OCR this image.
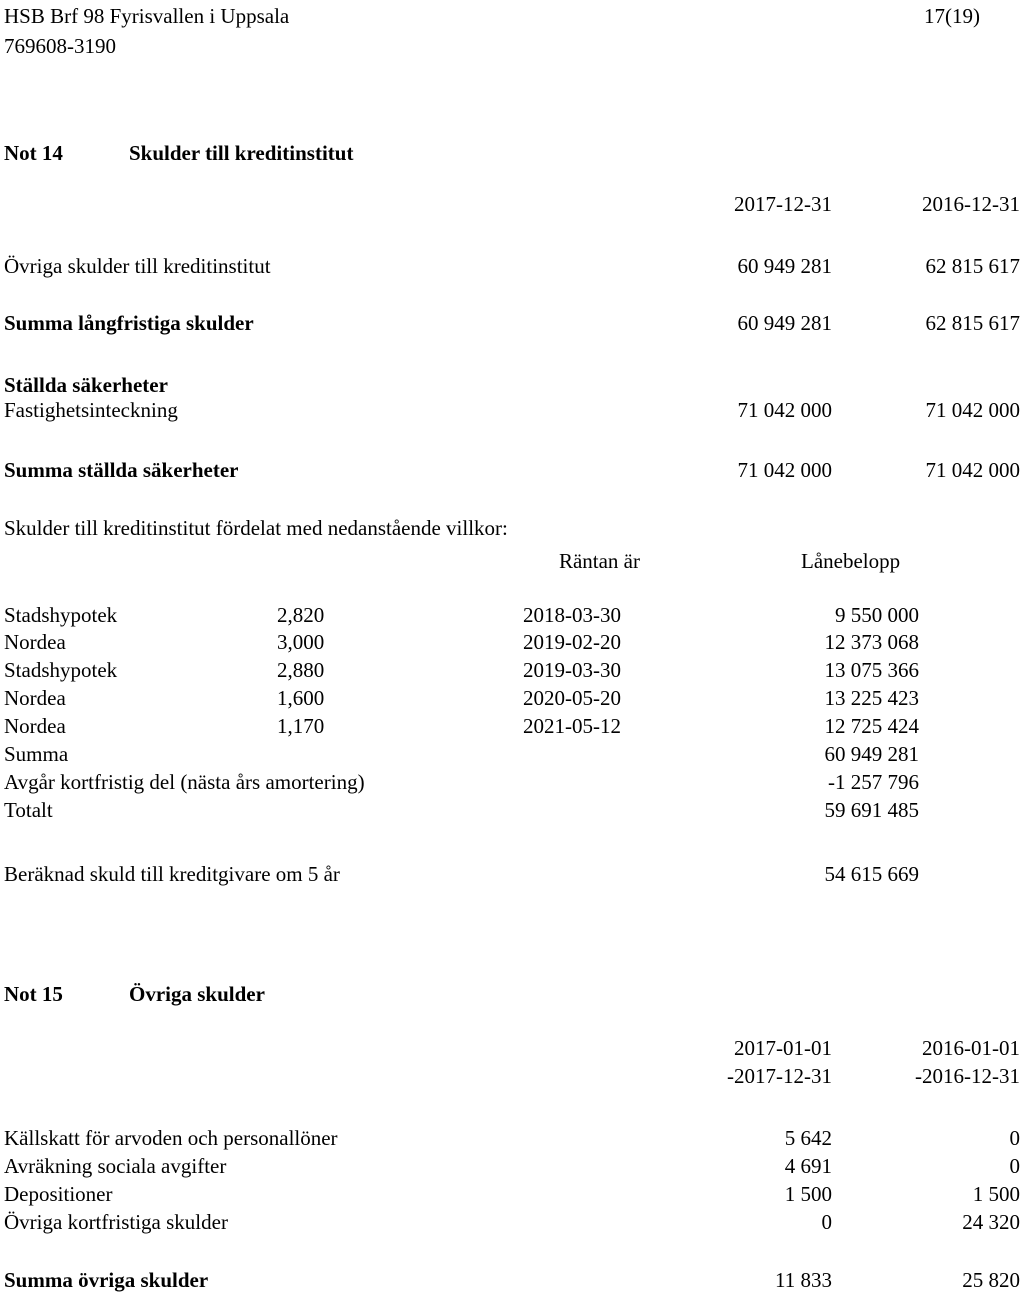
HSB Brf 98 Fyrisvallen i Uppsala
769608-3190
17(19)
Not 14	Skulder till kreditinstitut
2017-12-31	2016-12-31
Övriga skulder till kreditinstitut	60 949 281	62 815 617
Summa långfristiga skulder	60 949 281	62 815 617
Ställda säkerheter
Fastighetsinteckning	71 042 000	71 042 000
Summa ställda säkerheter	71 042 000	71 042 000
Skulder till kreditinstitut fördelat med nedanstående villkor:
Räntan är	Lånebelopp
Stadshypotek	2,820	2018-03-30	9 550 000
Nordea	3,000	2019-02-20	12 373 068
Stadshypotek	2,880	2019-03-30	13 075 366
Nordea	1,600	2020-05-20	13 225 423
Nordea	1,170	2021-05-12	12 725 424
Summa	60 949 281
Avgår kortfristig del (nästa års amortering)	-1 257 796
Totalt	59 691 485
Beräknad skuld till kreditgivare om 5 år	54 615 669
Not 15	Övriga skulder
2017-01-01
-2017-12-31
2016-01-01
-2016-12-31
Källskatt för arvoden och personallöner	5 642	0
Avräkning sociala avgifter	4 691	0
Depositioner	1 500	1 500
Övriga kortfristiga skulder	0	24 320
Summa övriga skulder	11 833	25 820
